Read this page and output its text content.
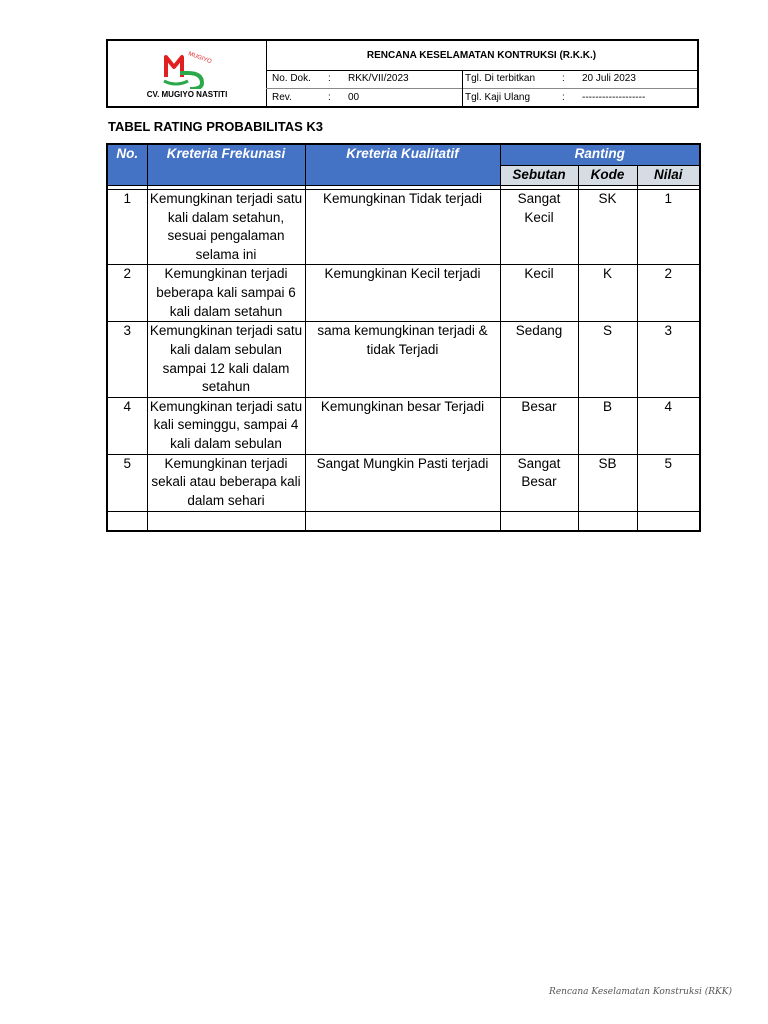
MUGIYO
CV. MUGIYO NASTITI
RENCANA KESELAMATAN KONTRUKSI (R.K.K.)
No. Dok. : RKK/VII/2023
Rev.	: 00
Tgl. Di terbitkan	: 20 Juli 2023
Tgl. Kaji Ulang	: -------------------
TABEL RATING PROBABILITAS K3
No.	Kreteria Frekunasi	Kreteria Kualitatif	Ranting		
			Sebutan	Kode	Nilai

1	Kemungkinan terjadi satu kali dalam setahun, sesuai pengalaman selama ini	Kemungkinan Tidak terjadi	Sangat Kecil	SK	1
2	Kemungkinan terjadi beberapa kali sampai 6 kali dalam setahun	Kemungkinan Kecil terjadi	Kecil	K	2
3	Kemungkinan terjadi satu kali dalam sebulan sampai 12 kali dalam setahun	sama kemungkinan terjadi & tidak Terjadi	Sedang	S	3
4	Kemungkinan terjadi satu kali seminggu, sampai 4 kali dalam sebulan	Kemungkinan besar Terjadi	Besar	B	4
5	Kemungkinan terjadi sekali atau beberapa kali dalam sehari	Sangat Mungkin Pasti terjadi	Sangat Besar	SB	5

Rencana Keselamatan Konstruksi (RKK)
